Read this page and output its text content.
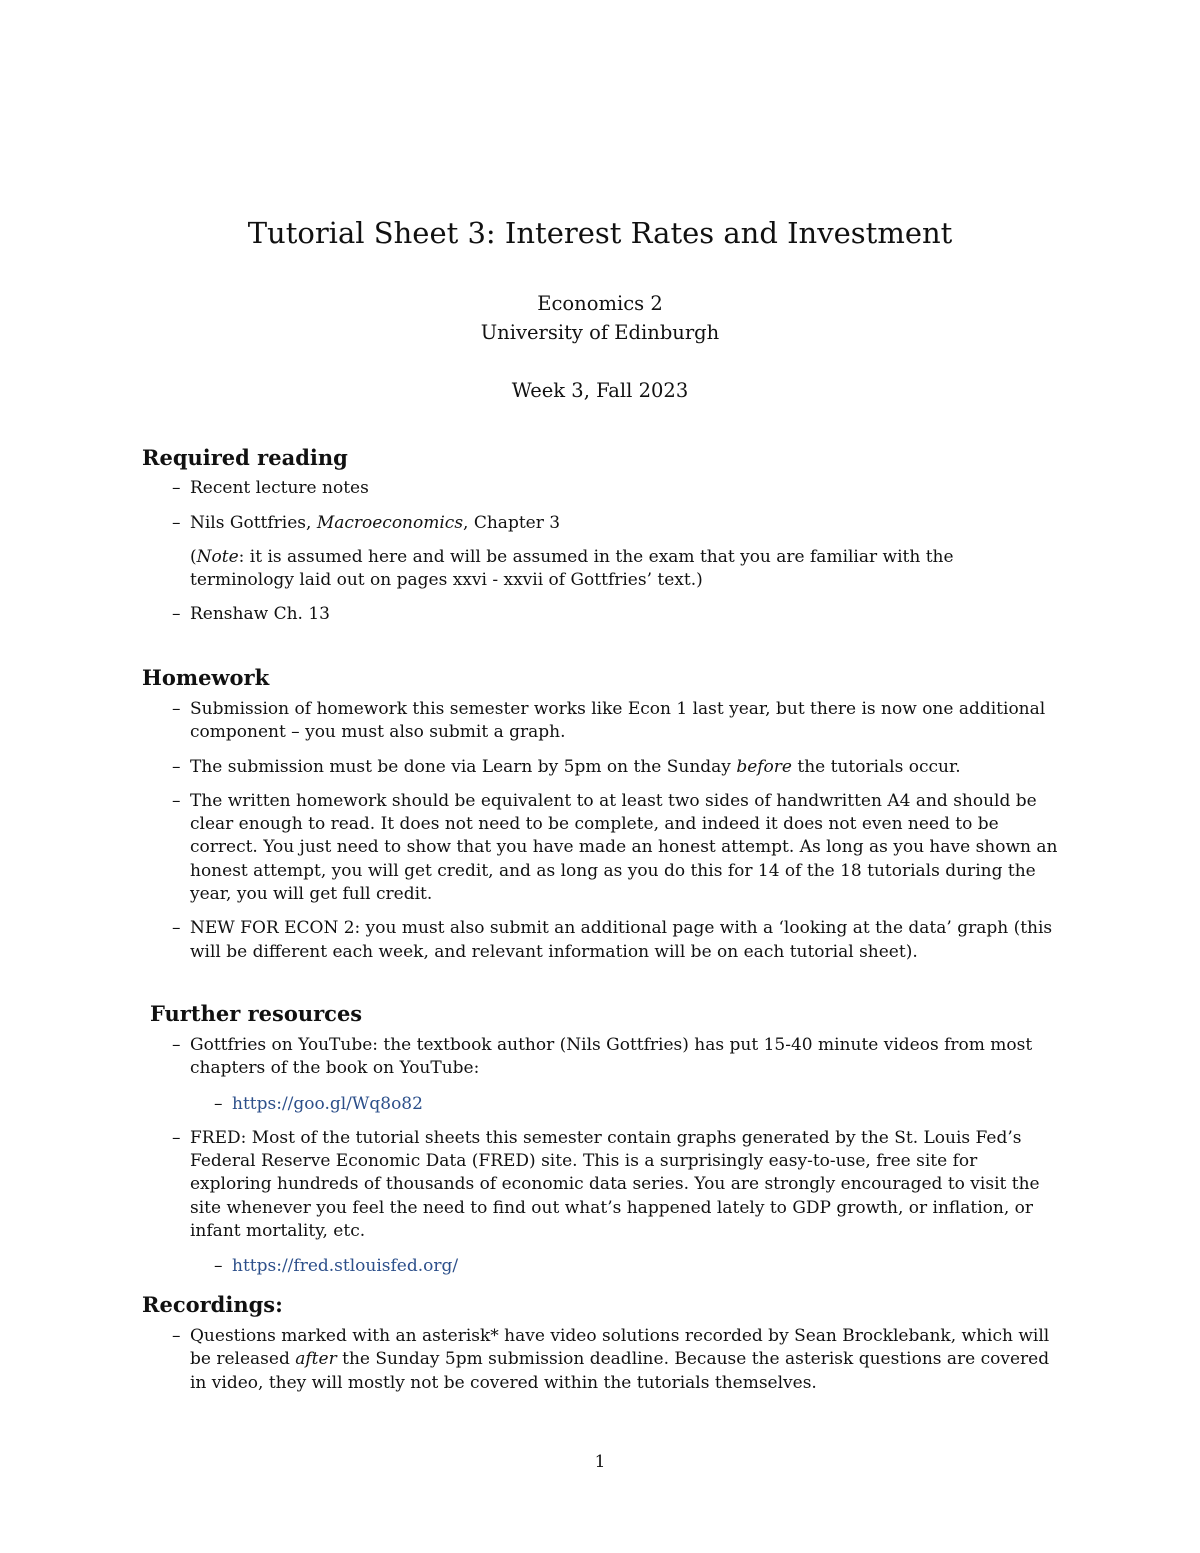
Tutorial Sheet 3: Interest Rates and Investment

Economics 2

University of Edinburgh

Week 3, Fall 2023

Required reading
– Recent lecture notes
– Nils Gottfries, Macroeconomics, Chapter 3

(Note: it is assumed here and will be assumed in the exam that you are familiar with the terminology laid out on pages xxvi - xxvii of Gottfries’ text.)

– Renshaw Ch. 13
Homework
– Submission of homework this semester works like Econ 1 last year, but there is now one additional component – you must also submit a graph.
– The submission must be done via Learn by 5pm on the Sunday before the tutorials occur.
– The written homework should be equivalent to at least two sides of handwritten A4 and should be clear enough to read. It does not need to be complete, and indeed it does not even need to be correct. You just need to show that you have made an honest attempt. As long as you have shown an honest attempt, you will get credit, and as long as you do this for 14 of the 18 tutorials during the year, you will get full credit.
– NEW FOR ECON 2: you must also submit an additional page with a ‘looking at the data’ graph (this will be different each week, and relevant information will be on each tutorial sheet).
Further resources
– Gottfries on YouTube: the textbook author (Nils Gottfries) has put 15-40 minute videos from most chapters of the book on YouTube:
– https://goo.gl/Wq8o82
– FRED: Most of the tutorial sheets this semester contain graphs generated by the St. Louis Fed’s Federal Reserve Economic Data (FRED) site. This is a surprisingly easy-to-use, free site for exploring hundreds of thousands of economic data series. You are strongly encouraged to visit the site whenever you feel the need to find out what’s happened lately to GDP growth, or inflation, or infant mortality, etc.
– https://fred.stlouisfed.org/
Recordings:
– Questions marked with an asterisk* have video solutions recorded by Sean Brocklebank, which will be released after the Sunday 5pm submission deadline. Because the asterisk questions are covered in video, they will mostly not be covered within the tutorials themselves.
1
